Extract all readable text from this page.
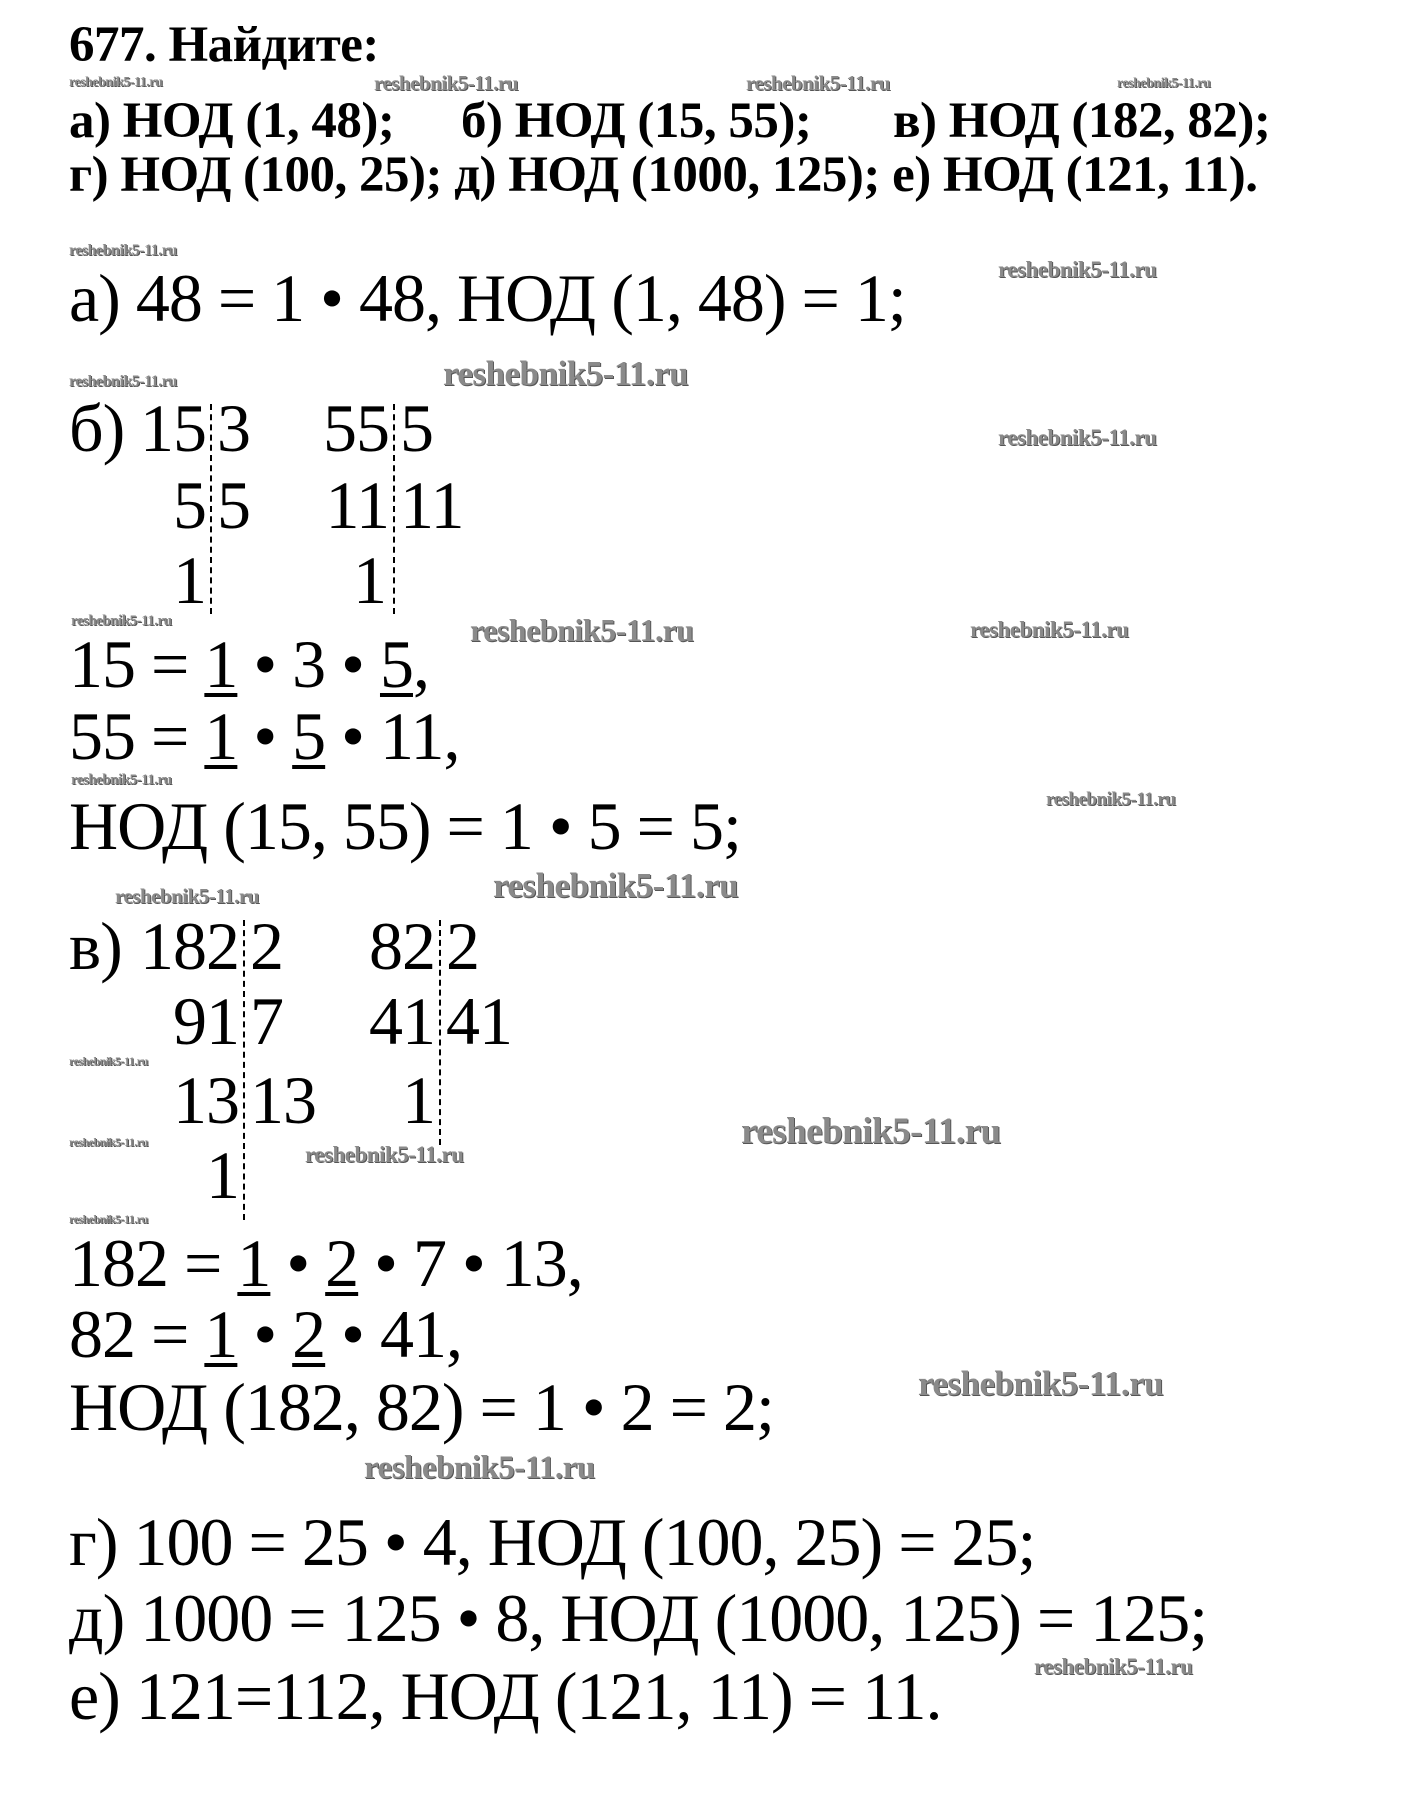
677. Найдите:
а) НОД (1, 48); б) НОД (15, 55); в) НОД (182, 82);
г) НОД (100, 25); д) НОД (1000, 125); е) НОД (121, 11).
а) 48 = 1 • 48, НОД (1, 48) = 1;
б) 15 3
5 5
1
55 5
11 11
1
15 = 1 • 3 • 5,
55 = 1 • 5 • 11,
НОД (15, 55) = 1 • 5 = 5;
в) 182 2
91 7
13 13
1
82 2
41 41
1
182 = 1 • 2 • 7 • 13,
82 = 1 • 2 • 41,
НОД (182, 82) = 1 • 2 = 2;
г) 100 = 25 • 4, НОД (100, 25) = 25;
д) 1000 = 125 • 8, НОД (1000, 125) = 125;
е) 121=112, НОД (121, 11) = 11.
reshebnik5-11.ru	reshebnik5-11.ru	reshebnik5-11.ru	reshebnik5-11.ru
reshebnik5-11.ru
reshebnik5-11.ru
reshebnik5-11.ru	reshebnik5-11.ru
reshebnik5-11.ru
reshebnik5-11.ru	reshebnik5-11.ru	reshebnik5-11.ru
reshebnik5-11.ru
reshebnik5-11.ru
reshebnik5-11.ru	reshebnik5-11.ru
reshebnik5-11.ru
reshebnik5-11.ru	reshebnik5-11.ru
reshebnik5-11.ru
reshebnik5-11.ru
reshebnik5-11.ru
reshebnik5-11.ru
reshebnik5-11.ru
